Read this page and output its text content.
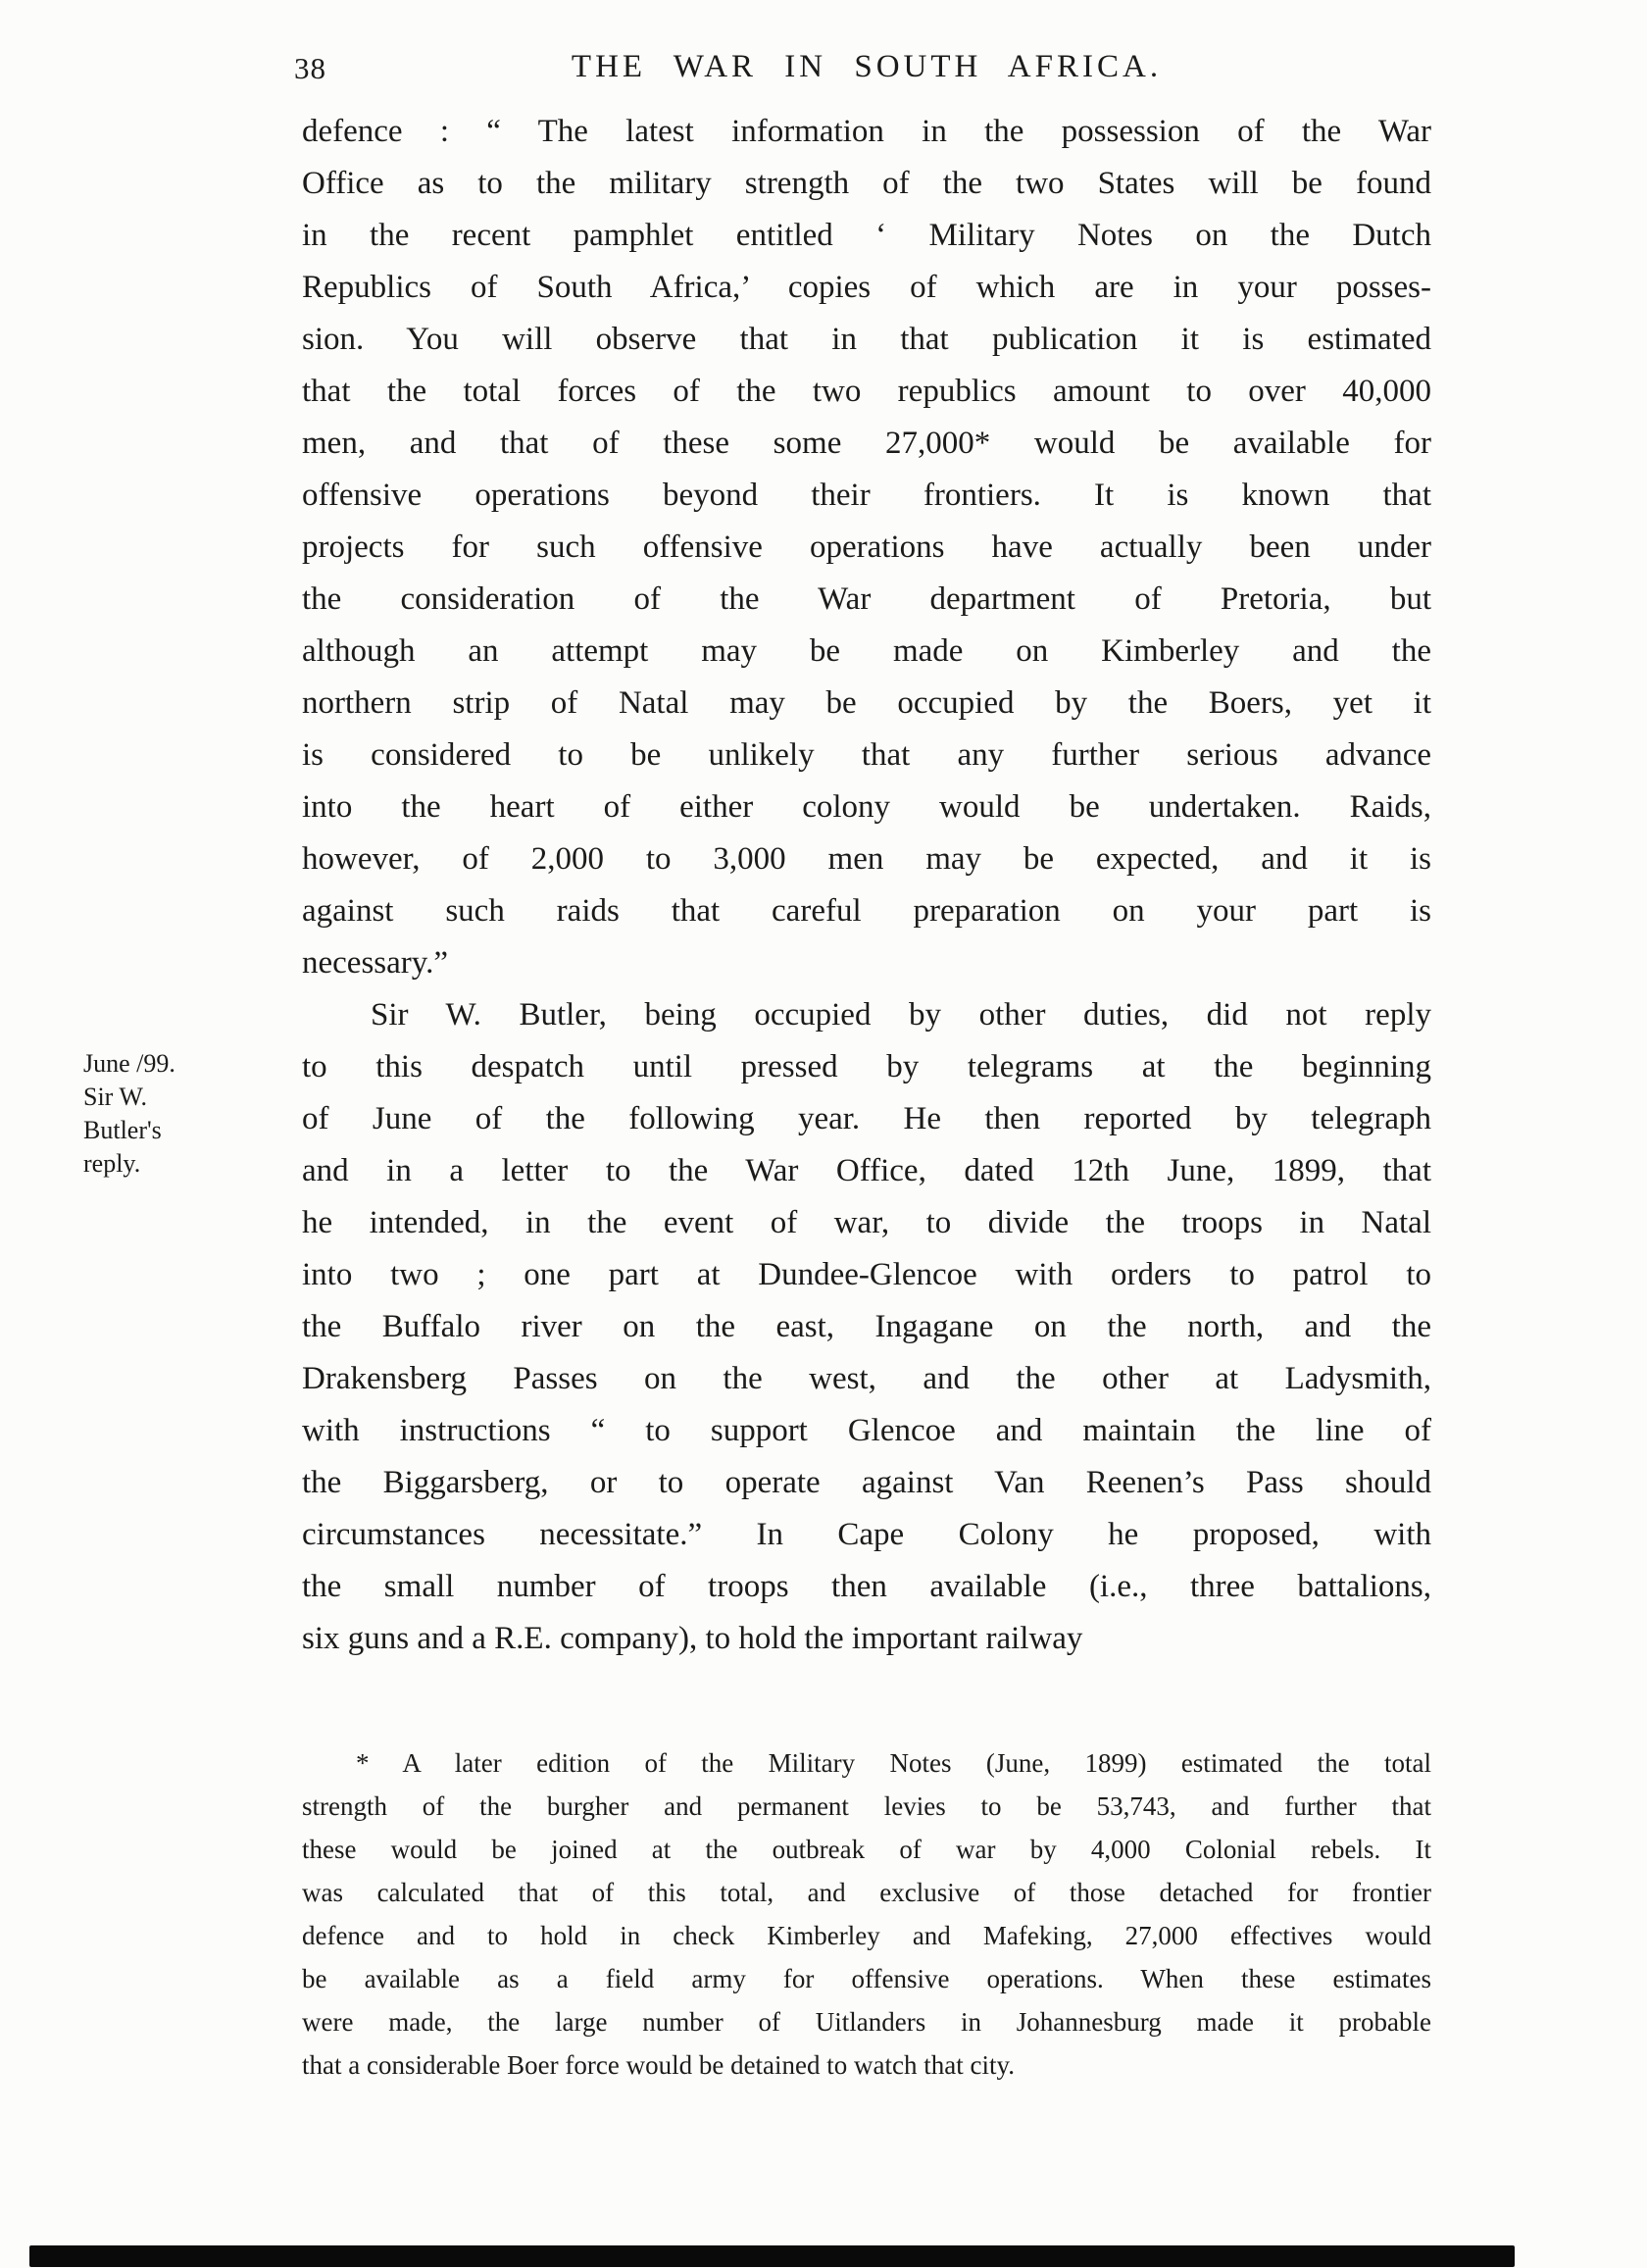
38	THE WAR IN SOUTH AFRICA.
June /99.
Sir W.
Butler's
reply.
defence : “ The latest information in the possession of the War
Office as to the military strength of the two States will be found
in the recent pamphlet entitled ‘ Military Notes on the Dutch
Republics of South Africa,’ copies of which are in your posses-
sion. You will observe that in that publication it is estimated
that the total forces of the two republics amount to over 40,000
men, and that of these some 27,000* would be available for
offensive operations beyond their frontiers. It is known that
projects for such offensive operations have actually been under
the consideration of the War department of Pretoria, but
although an attempt may be made on Kimberley and the
northern strip of Natal may be occupied by the Boers, yet it
is considered to be unlikely that any further serious advance
into the heart of either colony would be undertaken. Raids,
however, of 2,000 to 3,000 men may be expected, and it is
against such raids that careful preparation on your part is
necessary.”
Sir W. Butler, being occupied by other duties, did not reply
to this despatch until pressed by telegrams at the beginning
of June of the following year. He then reported by telegraph
and in a letter to the War Office, dated 12th June, 1899, that
he intended, in the event of war, to divide the troops in Natal
into two ; one part at Dundee-Glencoe with orders to patrol to
the Buffalo river on the east, Ingagane on the north, and the
Drakensberg Passes on the west, and the other at Ladysmith,
with instructions “ to support Glencoe and maintain the line of
the Biggarsberg, or to operate against Van Reenen’s Pass should
circumstances necessitate.” In Cape Colony he proposed, with
the small number of troops then available (i.e., three battalions,
six guns and a R.E. company), to hold the important railway
* A later edition of the Military Notes (June, 1899) estimated the total
strength of the burgher and permanent levies to be 53,743, and further that
these would be joined at the outbreak of war by 4,000 Colonial rebels. It
was calculated that of this total, and exclusive of those detached for frontier
defence and to hold in check Kimberley and Mafeking, 27,000 effectives would
be available as a field army for offensive operations. When these estimates
were made, the large number of Uitlanders in Johannesburg made it probable
that a considerable Boer force would be detained to watch that city.
